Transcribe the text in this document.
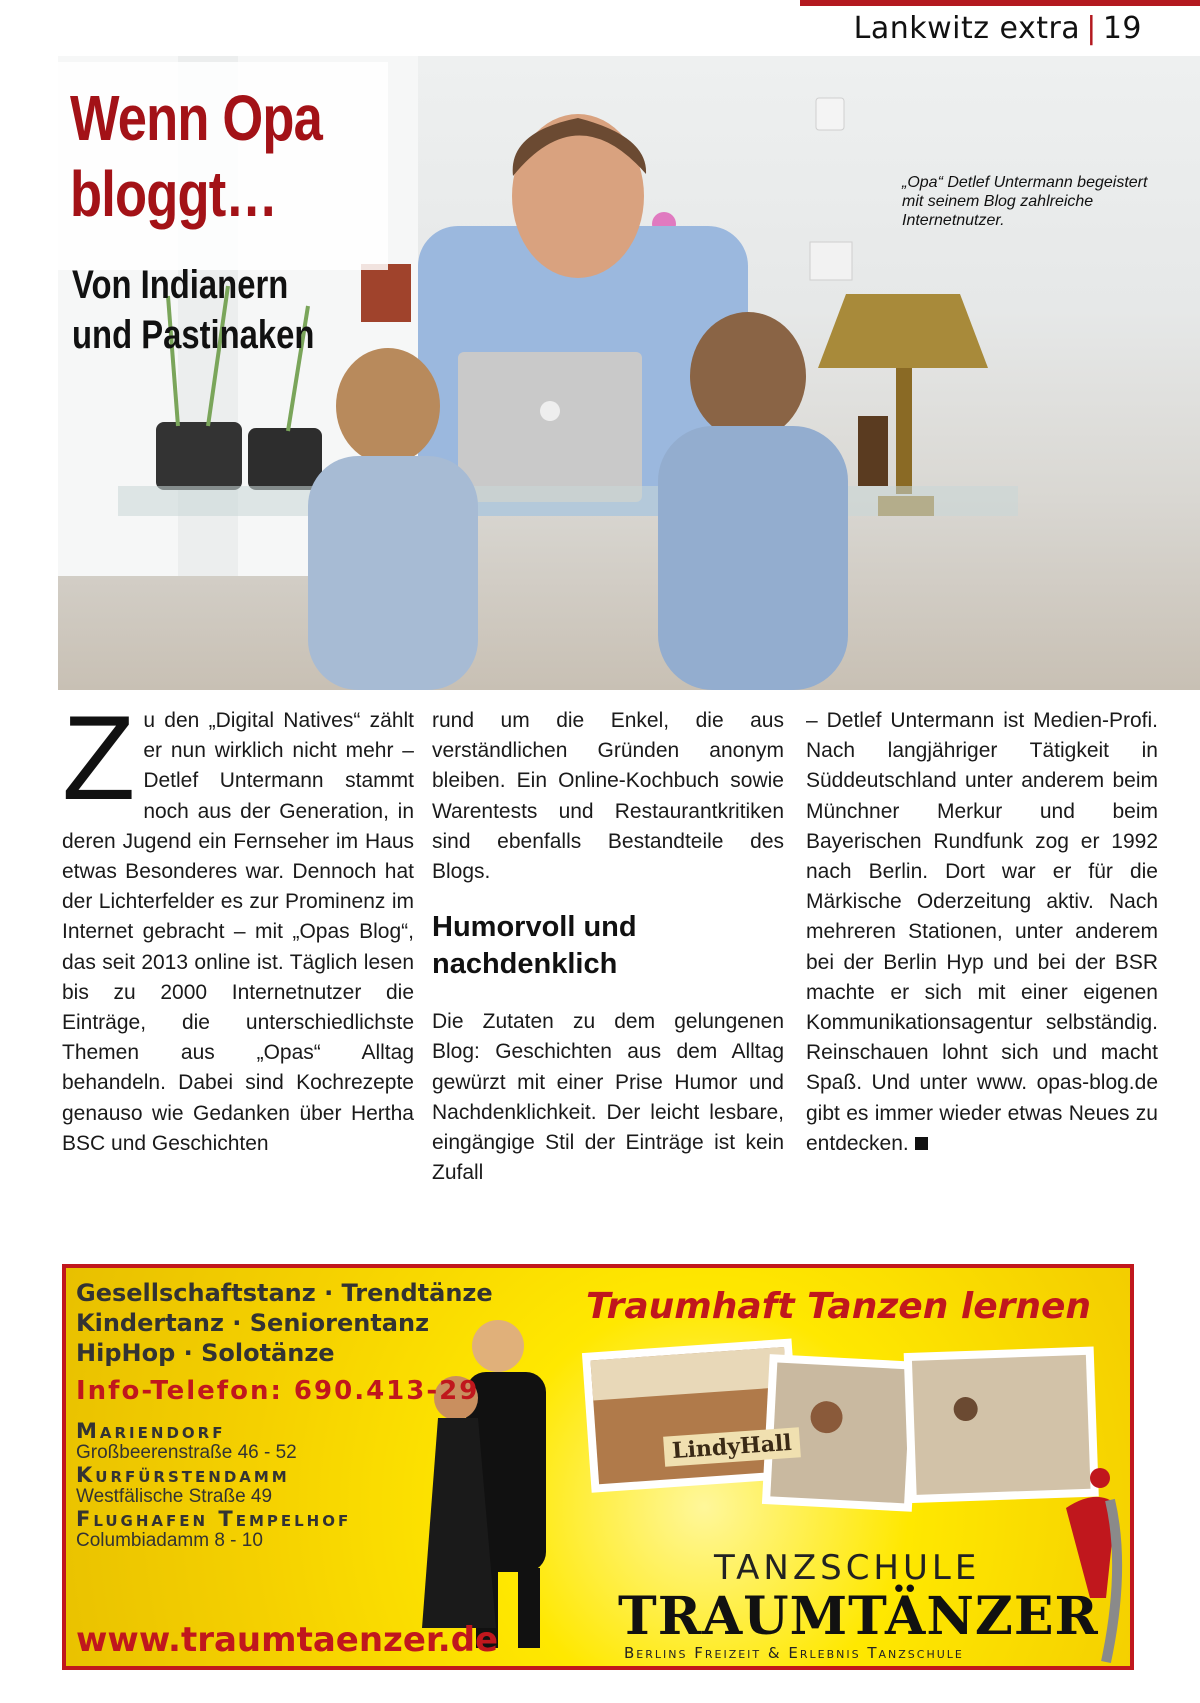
Lankwitz extra | 19
Wenn Opa
bloggt…
Von Indianern
und Pastinaken
„Opa“ Detlef Untermann begeistert mit seinem Blog zahlreiche Internetnutzer.
Zu den „Digital Natives“ zählt er nun wirklich nicht mehr – Detlef Untermann stammt noch aus der Generation, in deren Jugend ein Fernseher im Haus etwas Besonderes war. Dennoch hat der Lichterfelder es zur Prominenz im Internet gebracht – mit „Opas Blog“, das seit 2013 online ist. Täglich lesen bis zu 2000 Internetnutzer die Einträge, die unterschiedlichste Themen aus „Opas“ Alltag behandeln. Dabei sind Kochrezepte genauso wie Gedanken über Hertha BSC und Geschichten
rund um die Enkel, die aus verständlichen Gründen anonym bleiben. Ein Online-Kochbuch sowie Warentests und Restaurantkritiken sind ebenfalls Bestandteile des Blogs.
Humorvoll und nachdenklich
Die Zutaten zu dem gelungenen Blog: Geschichten aus dem Alltag gewürzt mit einer Prise Humor und Nachdenklichkeit. Der leicht lesbare, eingängige Stil der Einträge ist kein Zufall
– Detlef Untermann ist Medien-Profi. Nach langjähriger Tätigkeit in Süddeutschland unter anderem beim Münchner Merkur und beim Bayerischen Rundfunk zog er 1992 nach Berlin. Dort war er für die Märkische Oderzeitung aktiv. Nach mehreren Stationen, unter anderem bei der Berlin Hyp und bei der BSR machte er sich mit einer eigenen Kommunikationsagentur selbständig. Reinschauen lohnt sich und macht Spaß. Und unter www. opas-blog.de gibt es immer wieder etwas Neues zu entdecken.
Gesellschaftstanz · Trendtänze
Kindertanz · Seniorentanz
HipHop · Solotänze
Info-Telefon: 690.413-29
Mariendorf
Großbeerenstraße 46 - 52
Kurfürstendamm
Westfälische Straße 49
Flughafen Tempelhof
Columbiadamm 8 - 10
www.traumtaenzer.de
Traumhaft Tanzen lernen
LindyHall
TANZSCHULE
TRAUMTÄNZER
Berlins Freizeit & Erlebnis Tanzschule
